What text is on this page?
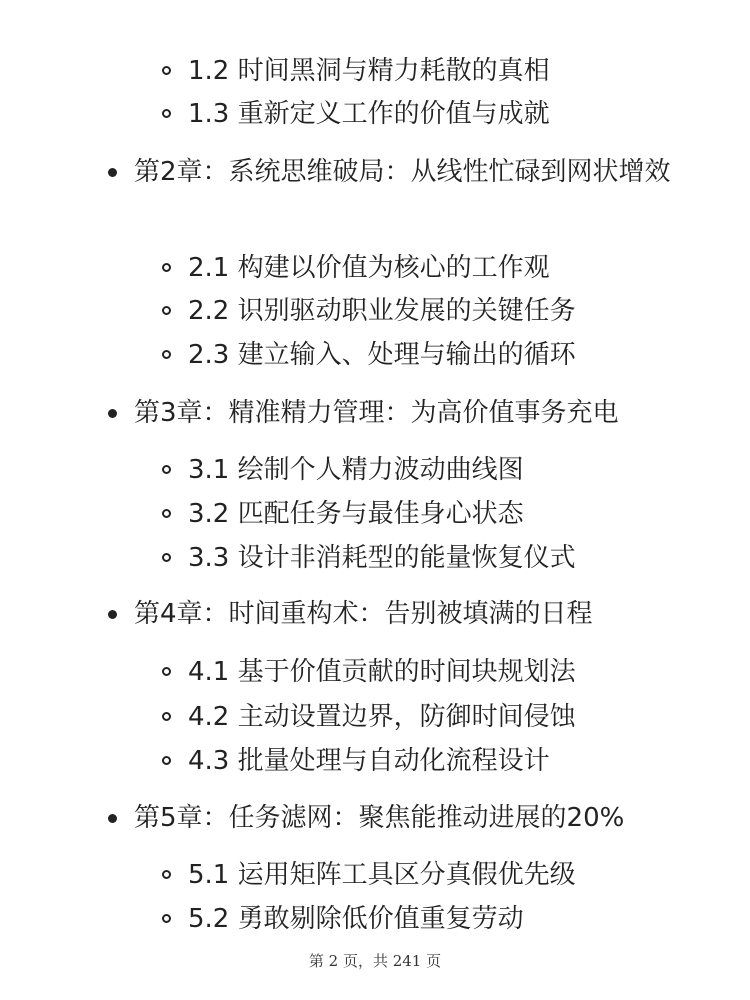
1.2 时间黑洞与精力耗散的真相
1.3 重新定义工作的价值与成就
第2章：系统思维破局：从线性忙碌到网状增效
2.1 构建以价值为核心的工作观
2.2 识别驱动职业发展的关键任务
2.3 建立输入、处理与输出的循环
第3章：精准精力管理：为高价值事务充电
3.1 绘制个人精力波动曲线图
3.2 匹配任务与最佳身心状态
3.3 设计非消耗型的能量恢复仪式
第4章：时间重构术：告别被填满的日程
4.1 基于价值贡献的时间块规划法
4.2 主动设置边界，防御时间侵蚀
4.3 批量处理与自动化流程设计
第5章：任务滤网：聚焦能推动进展的20%
5.1 运用矩阵工具区分真假优先级
5.2 勇敢剔除低价值重复劳动
第 2 页，共 241 页
